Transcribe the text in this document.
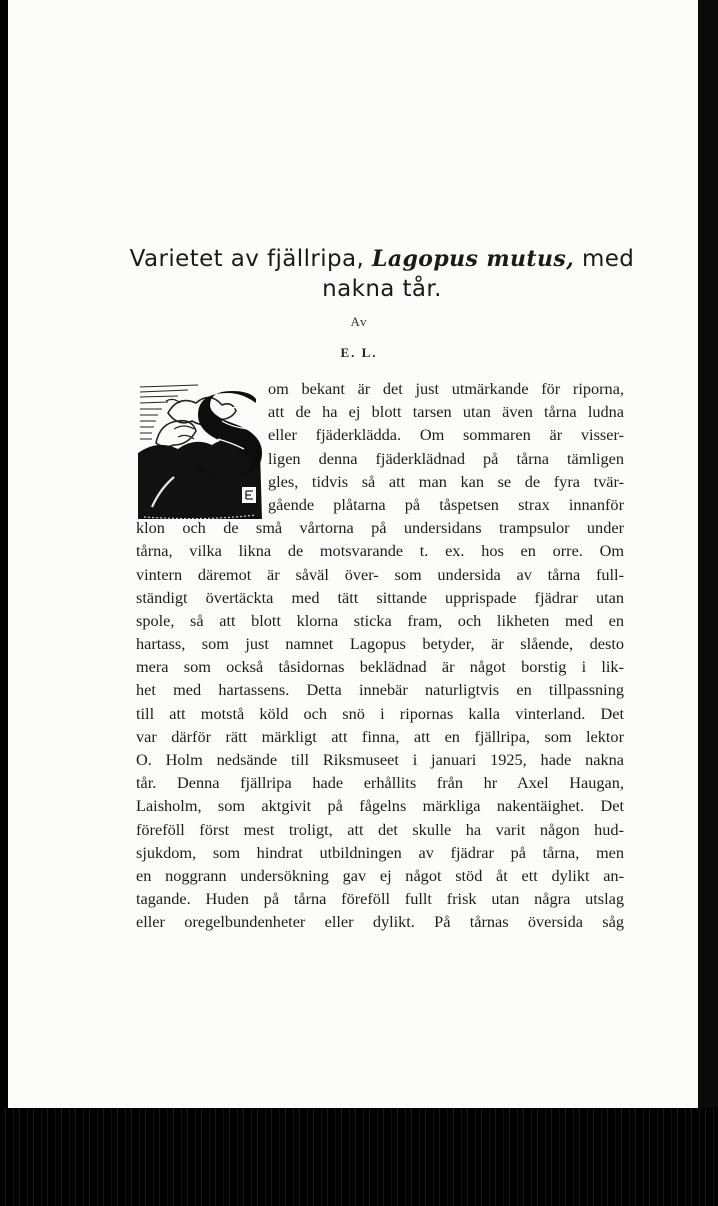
Varietet av fjällripa, Lagopus mutus, med
nakna tår.
Av
E. L.
om bekant är det just utmärkande för riporna,
att de ha ej blott tarsen utan även tårna ludna
eller fjäderklädda. Om sommaren är visser-
ligen denna fjäderklädnad på tårna tämligen
gles, tidvis så att man kan se de fyra tvär-
gående plåtarna på tåspetsen strax innanför
klon och de små vårtorna på undersidans trampsulor under
tårna, vilka likna de motsvarande t. ex. hos en orre. Om
vintern däremot är såväl över- som undersida av tårna full-
ständigt övertäckta med tätt sittande upprispade fjädrar utan
spole, så att blott klorna sticka fram, och likheten med en
hartass, som just namnet Lagopus betyder, är slående, desto
mera som också tåsidornas beklädnad är något borstig i lik-
het med hartassens. Detta innebär naturligtvis en tillpassning
till att motstå köld och snö i ripornas kalla vinterland. Det
var därför rätt märkligt att finna, att en fjällripa, som lektor
O. Holm nedsände till Riksmuseet i januari 1925, hade nakna
tår. Denna fjällripa hade erhållits från hr Axel Haugan,
Laisholm, som aktgivit på fågelns märkliga nakentäighet. Det
föreföll först mest troligt, att det skulle ha varit någon hud-
sjukdom, som hindrat utbildningen av fjädrar på tårna, men
en noggrann undersökning gav ej något stöd åt ett dylikt an-
tagande. Huden på tårna föreföll fullt frisk utan några utslag
eller oregelbundenheter eller dylikt. På tårnas översida såg
